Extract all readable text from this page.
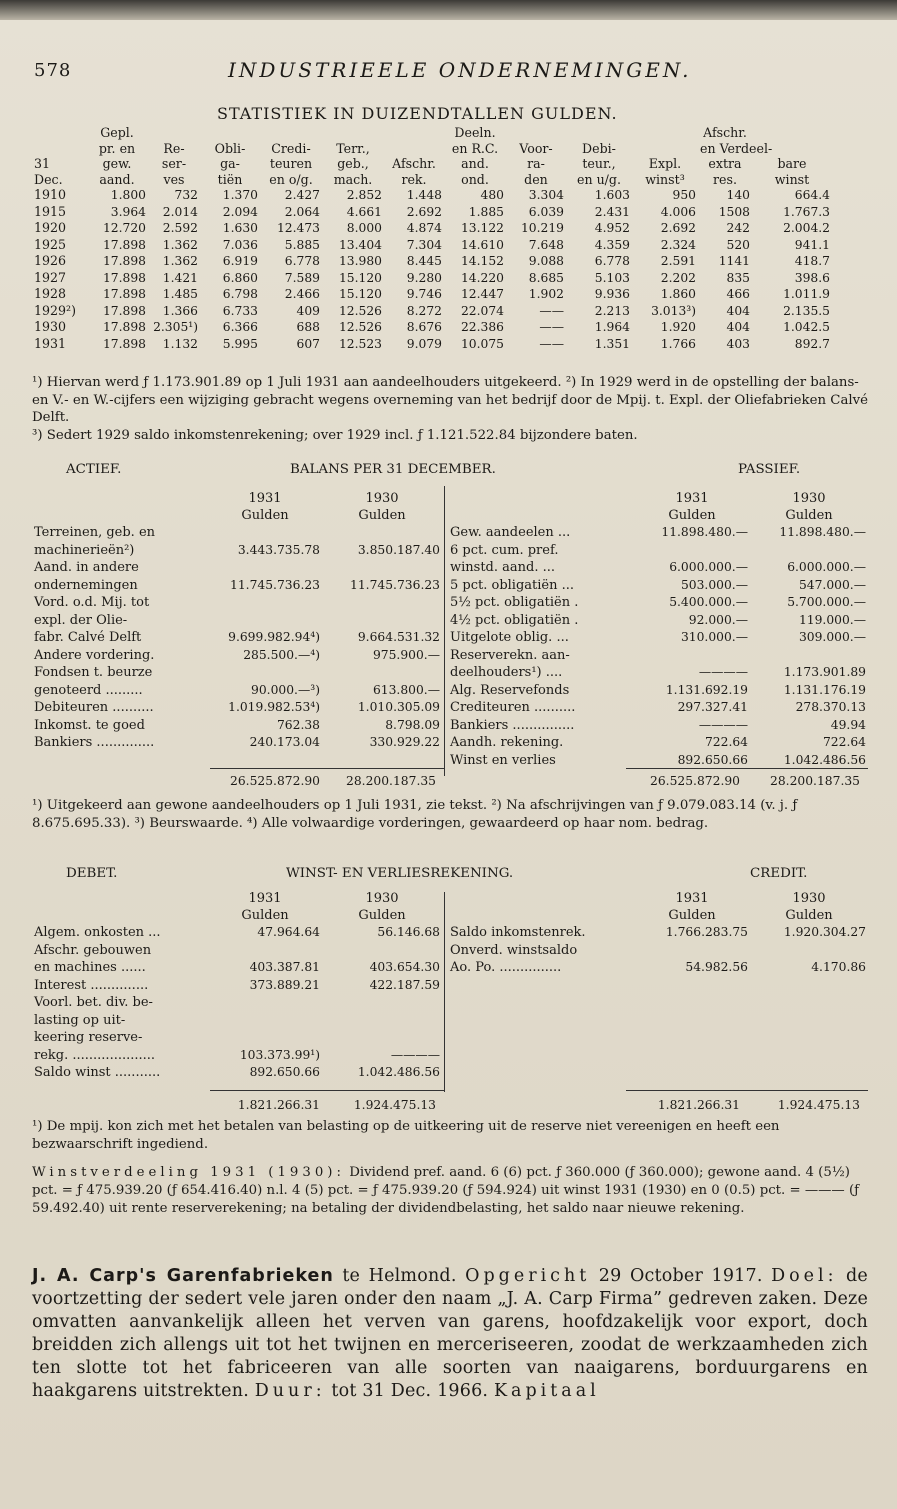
578	INDUSTRIEELE ONDERNEMINGEN.
STATISTIEK IN DUIZENDTALLEN GULDEN.
	Gepl.						Deeln.				Afschr.		
	pr. en	Re-	Obli-	Credi-	Terr.,		en R.C.	Voor-	Debi-		en Verdeel-		
31	gew.	ser-	ga-	teuren	geb.,	Afschr.	and.	ra-	teur.,	Expl.	extra	bare	
Dec.	aand.	ves	tiën	en o/g.	mach.	rek.	ond.	den	en u/g.	winst³	res.	winst	
1910	1.800	732	1.370	2.427	2.852	1.448	480	3.304	1.603	950	140	664.4	
1915	3.964	2.014	2.094	2.064	4.661	2.692	1.885	6.039	2.431	4.006	1508	1.767.3	
1920	12.720	2.592	1.630	12.473	8.000	4.874	13.122	10.219	4.952	2.692	242	2.004.2	
1925	17.898	1.362	7.036	5.885	13.404	7.304	14.610	7.648	4.359	2.324	520	941.1	
1926	17.898	1.362	6.919	6.778	13.980	8.445	14.152	9.088	6.778	2.591	1141	418.7	
1927	17.898	1.421	6.860	7.589	15.120	9.280	14.220	8.685	5.103	2.202	835	398.6	
1928	17.898	1.485	6.798	2.466	15.120	9.746	12.447	1.902	9.936	1.860	466	1.011.9	
1929²)	17.898	1.366	6.733	409	12.526	8.272	22.074	——	2.213	3.013³)	404	2.135.5	
1930	17.898	2.305¹)	6.366	688	12.526	8.676	22.386	——	1.964	1.920	404	1.042.5	
1931	17.898	1.132	5.995	607	12.523	9.079	10.075	——	1.351	1.766	403	892.7	

¹) Hiervan werd ƒ 1.173.901.89 op 1 Juli 1931 aan aandeelhouders uitgekeerd. ²) In 1929 werd in de opstelling der balans- en V.- en W.-cijfers een wijziging gebracht wegens overneming van het bedrijf door de Mpij. t. Expl. der Oliefabrieken Calvé Delft.

³) Sedert 1929 saldo inkomstenrekening; over 1929 incl. ƒ 1.121.522.84 bijzondere baten.

ACTIEF.	BALANS PER 31 DECEMBER.	PASSIEF.
	1931	1930
	Gulden	Gulden
Terreinen, geb. en		
machinerieën²)	3.443.735.78	3.850.187.40
Aand. in andere		
ondernemingen	11.745.736.23	11.745.736.23
Vord. o.d. Mij. tot		
expl. der Olie-		
fabr. Calvé Delft	9.699.982.94⁴)	9.664.531.32
Andere vordering.	285.500.—⁴)	975.900.—
Fondsen t. beurze		
genoteerd .........	90.000.—³)	613.800.—
Debiteuren ..........	1.019.982.53⁴)	1.010.305.09
Inkomst. te goed	762.38	8.798.09
Bankiers ..............	240.173.04	330.929.22
	1931	1930
	Gulden	Gulden
Gew. aandeelen ...	11.898.480.—	11.898.480.—
6 pct. cum. pref.		
winstd. aand. ...	6.000.000.—	6.000.000.—
5 pct. obligatiën ...	503.000.—	547.000.—
5½ pct. obligatiën .	5.400.000.—	5.700.000.—
4½ pct. obligatiën .	92.000.—	119.000.—
Uitgelote oblig. ...	310.000.—	309.000.—
Reserverekn. aan-		
deelhouders¹) ....	————	1.173.901.89
Alg. Reservefonds	1.131.692.19	1.131.176.19
Crediteuren ..........	297.327.41	278.370.13
Bankiers ...............	————	49.94
Aandh. rekening.	722.64	722.64
Winst en verlies	892.650.66	1.042.486.56
26.525.872.90	28.200.187.35	26.525.872.90	28.200.187.35

¹) Uitgekeerd aan gewone aandeelhouders op 1 Juli 1931, zie tekst. ²) Na afschrijvingen van ƒ 9.079.083.14 (v. j. ƒ 8.675.695.33). ³) Beurswaarde. ⁴) Alle volwaardige vorderingen, gewaardeerd op haar nom. bedrag.

DEBET.	WINST- EN VERLIESREKENING.	CREDIT.
	1931	1930
	Gulden	Gulden
Algem. onkosten ...	47.964.64	56.146.68
Afschr. gebouwen		
en machines ......	403.387.81	403.654.30
Interest ..............	373.889.21	422.187.59
Voorl. bet. div. be-		
lasting op uit-		
keering reserve-		
rekg. ....................	103.373.99¹)	————
Saldo winst ...........	892.650.66	1.042.486.56
	1931	1930
	Gulden	Gulden
Saldo inkomstenrek.	1.766.283.75	1.920.304.27
Onverd. winstsaldo		
Ao. Po. ...............	54.982.56	4.170.86
1.821.266.31	1.924.475.13	1.821.266.31	1.924.475.13

¹) De mpij. kon zich met het betalen van belasting op de uitkeering uit de reserve niet vereenigen en heeft een bezwaarschrift ingediend.

Winstverdeeling 1931 (1930): Dividend pref. aand. 6 (6) pct. ƒ 360.000 (ƒ 360.000); gewone aand. 4 (5½) pct. = ƒ 475.939.20 (ƒ 654.416.40) n.l. 4 (5) pct. = ƒ 475.939.20 (ƒ 594.924) uit winst 1931 (1930) en 0 (0.5) pct. = ——— (ƒ 59.492.40) uit rente reserverekening; na betaling der dividendbelasting, het saldo naar nieuwe rekening.

J. A. Carp's Garenfabrieken te Helmond. Opgericht 29 October 1917. Doel: de voortzetting der sedert vele jaren onder den naam „J. A. Carp Firma” gedreven zaken. Deze omvatten aanvankelijk alleen het verven van garens, hoofdzakelijk voor export, doch breidden zich allengs uit tot het twijnen en merceriseeren, zoodat de werkzaamheden zich ten slotte tot het fabriceeren van alle soorten van naaigarens, borduurgarens en haakgarens uitstrekten. Duur: tot 31 Dec. 1966. Kapitaal
